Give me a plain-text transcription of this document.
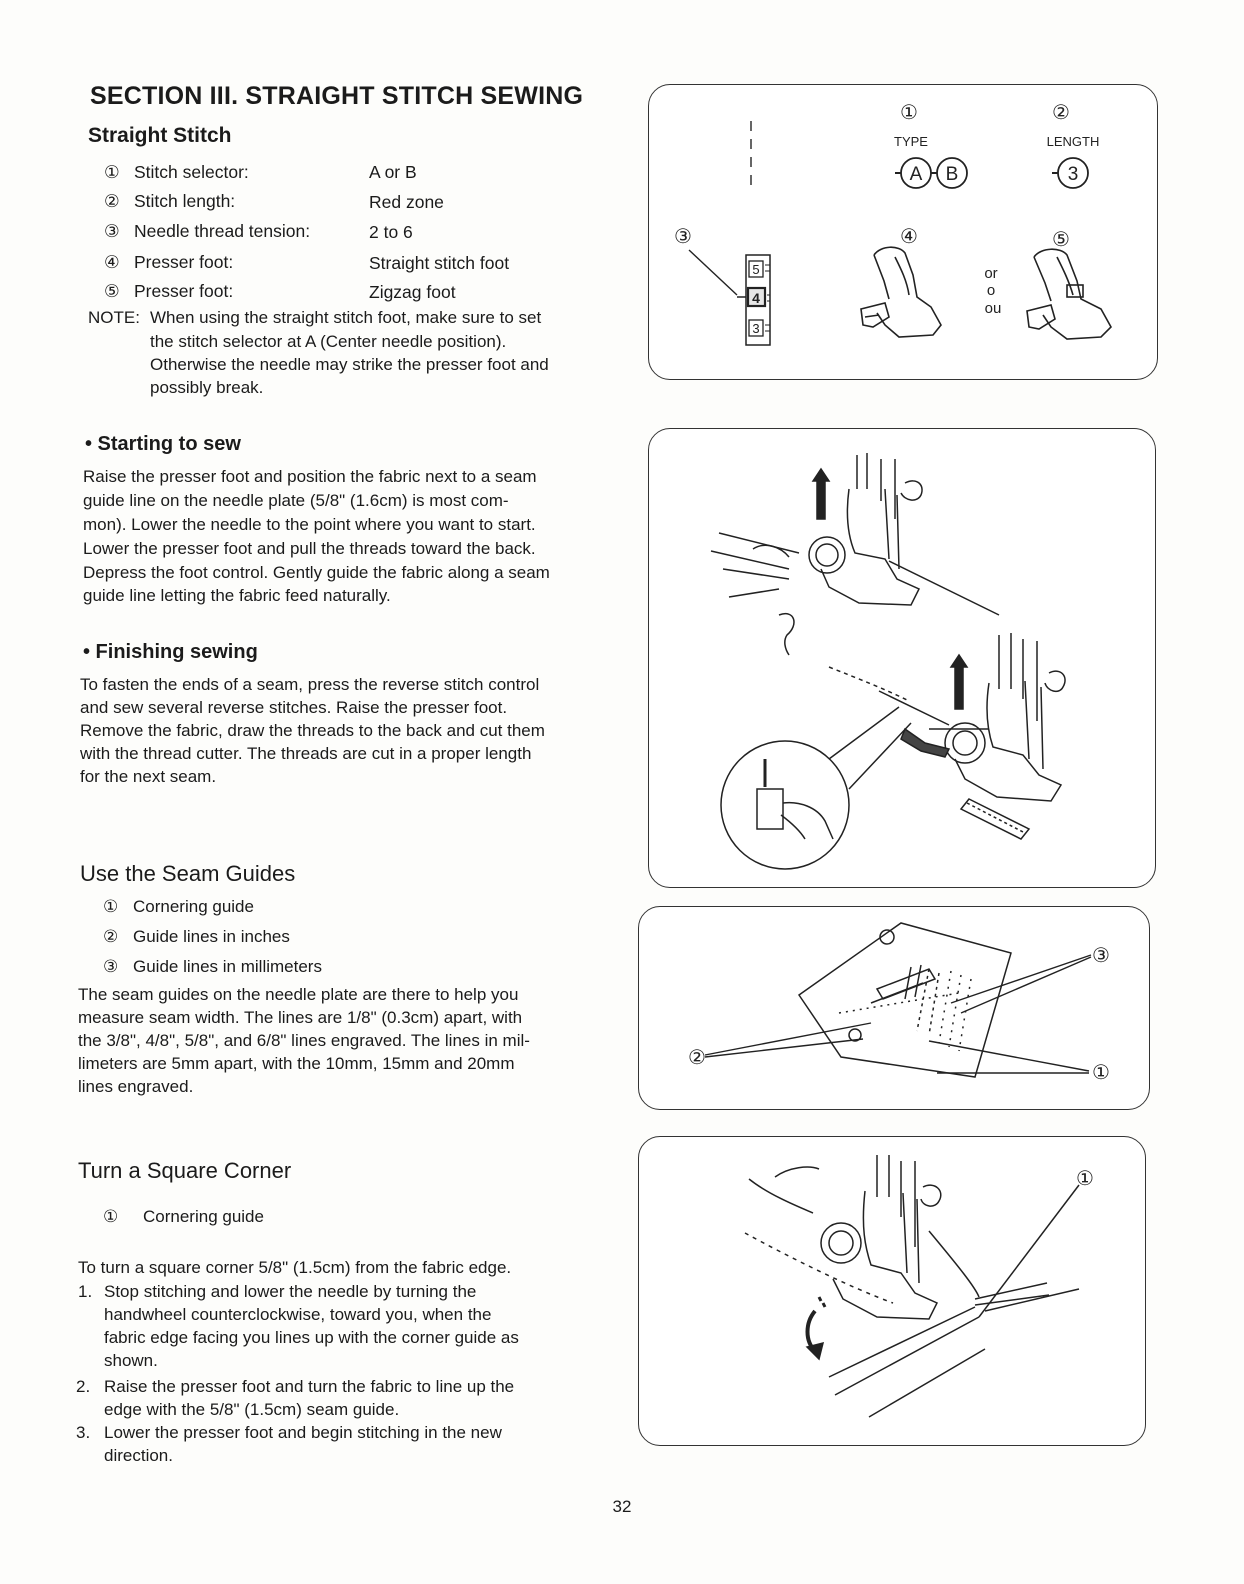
SECTION III. STRAIGHT STITCH SEWING
Straight Stitch
① Stitch selector:	A or B
② Stitch length:	Red zone
③ Needle thread tension:	2 to 6
④ Presser foot:	Straight stitch foot
⑤ Presser foot:	Zigzag foot
NOTE: When using the straight stitch foot, make sure to set
the stitch selector at A (Center needle position).
Otherwise the needle may strike the presser foot and
possibly break.
• Starting to sew
Raise the presser foot and position the fabric next to a seam
guide line on the needle plate (5/8" (1.6cm) is most com-
mon). Lower the needle to the point where you want to start.
Lower the presser foot and pull the threads toward the back.
Depress the foot control. Gently guide the fabric along a seam
guide line letting the fabric feed naturally.
• Finishing sewing
To fasten the ends of a seam, press the reverse stitch control
and sew several reverse stitches. Raise the presser foot.
Remove the fabric, draw the threads to the back and cut them
with the thread cutter. The threads are cut in a proper length
for the next seam.
Use the Seam Guides
① Cornering guide
② Guide lines in inches
③ Guide lines in millimeters
The seam guides on the needle plate are there to help you
measure seam width. The lines are 1/8" (0.3cm) apart, with
the 3/8", 4/8", 5/8", and 6/8" lines engraved. The lines in mil-
limeters are 5mm apart, with the 10mm, 15mm and 20mm
lines engraved.
Turn a Square Corner
① Cornering guide
To turn a square corner 5/8" (1.5cm) from the fabric edge.
1. Stop stitching and lower the needle by turning the
handwheel counterclockwise, toward you, when the
fabric edge facing you lines up with the corner guide as
shown.
2. Raise the presser foot and turn the fabric to line up the
edge with the 5/8" (1.5cm) seam guide.
3. Lower the presser foot and begin stitching in the new
direction.
①	②
TYPE	LENGTH
A B	3
③	④	⑤
5
4
3
or
o
ou
③
②
①
①
32
